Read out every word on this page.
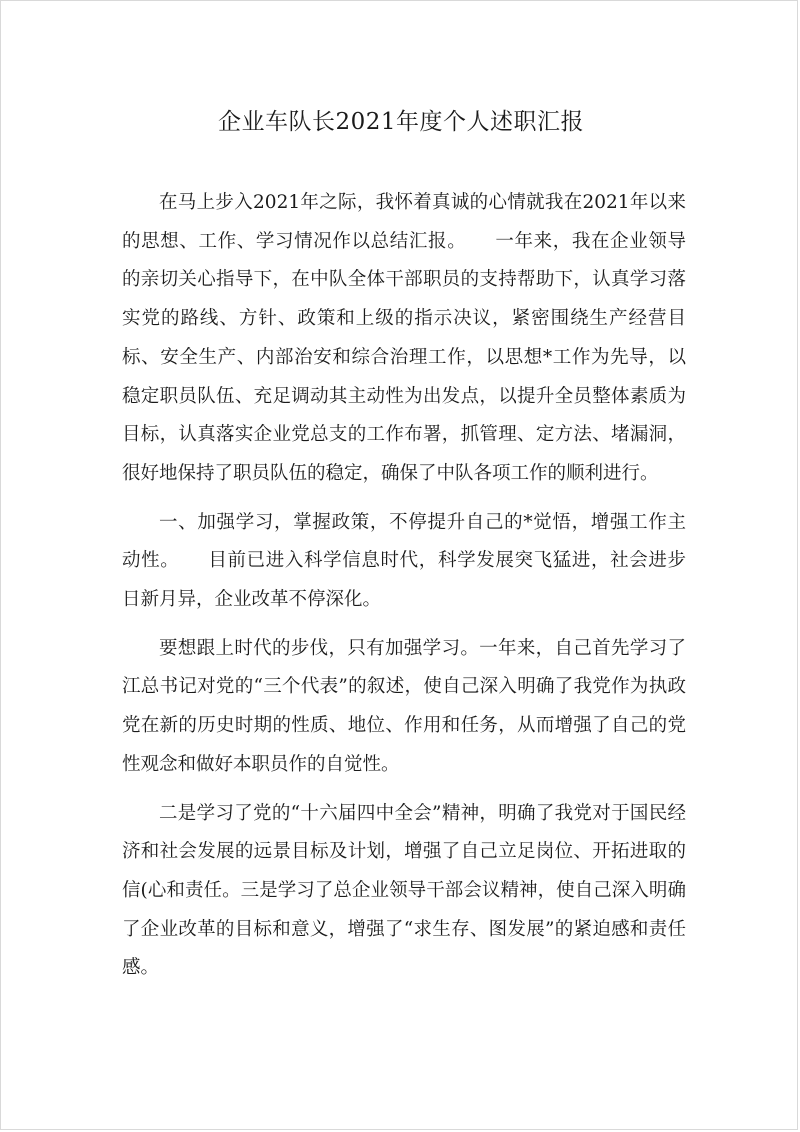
企业车队长2021年度个人述职汇报

在马上步入2021年之际，我怀着真诚的心情就我在2021年以来的思想、工作、学习情况作以总结汇报。　　一年来，我在企业领导的亲切关心指导下，在中队全体干部职员的支持帮助下，认真学习落实党的路线、方针、政策和上级的指示决议，紧密围绕生产经营目标、安全生产、内部治安和综合治理工作，以思想*工作为先导，以稳定职员队伍、充足调动其主动性为出发点，以提升全员整体素质为目标，认真落实企业党总支的工作布署，抓管理、定方法、堵漏洞，很好地保持了职员队伍的稳定，确保了中队各项工作的顺利进行。

一、加强学习，掌握政策，不停提升自己的*觉悟，增强工作主动性。　　目前已进入科学信息时代，科学发展突飞猛进，社会进步日新月异，企业改革不停深化。

要想跟上时代的步伐，只有加强学习。一年来，自己首先学习了江总书记对党的“三个代表”的叙述，使自己深入明确了我党作为执政党在新的历史时期的性质、地位、作用和任务，从而增强了自己的党性观念和做好本职员作的自觉性。

二是学习了党的“十六届四中全会”精神，明确了我党对于国民经济和社会发展的远景目标及计划，增强了自己立足岗位、开拓进取的信(心和责任。三是学习了总企业领导干部会议精神，使自己深入明确了企业改革的目标和意义，增强了“求生存、图发展”的紧迫感和责任感。
